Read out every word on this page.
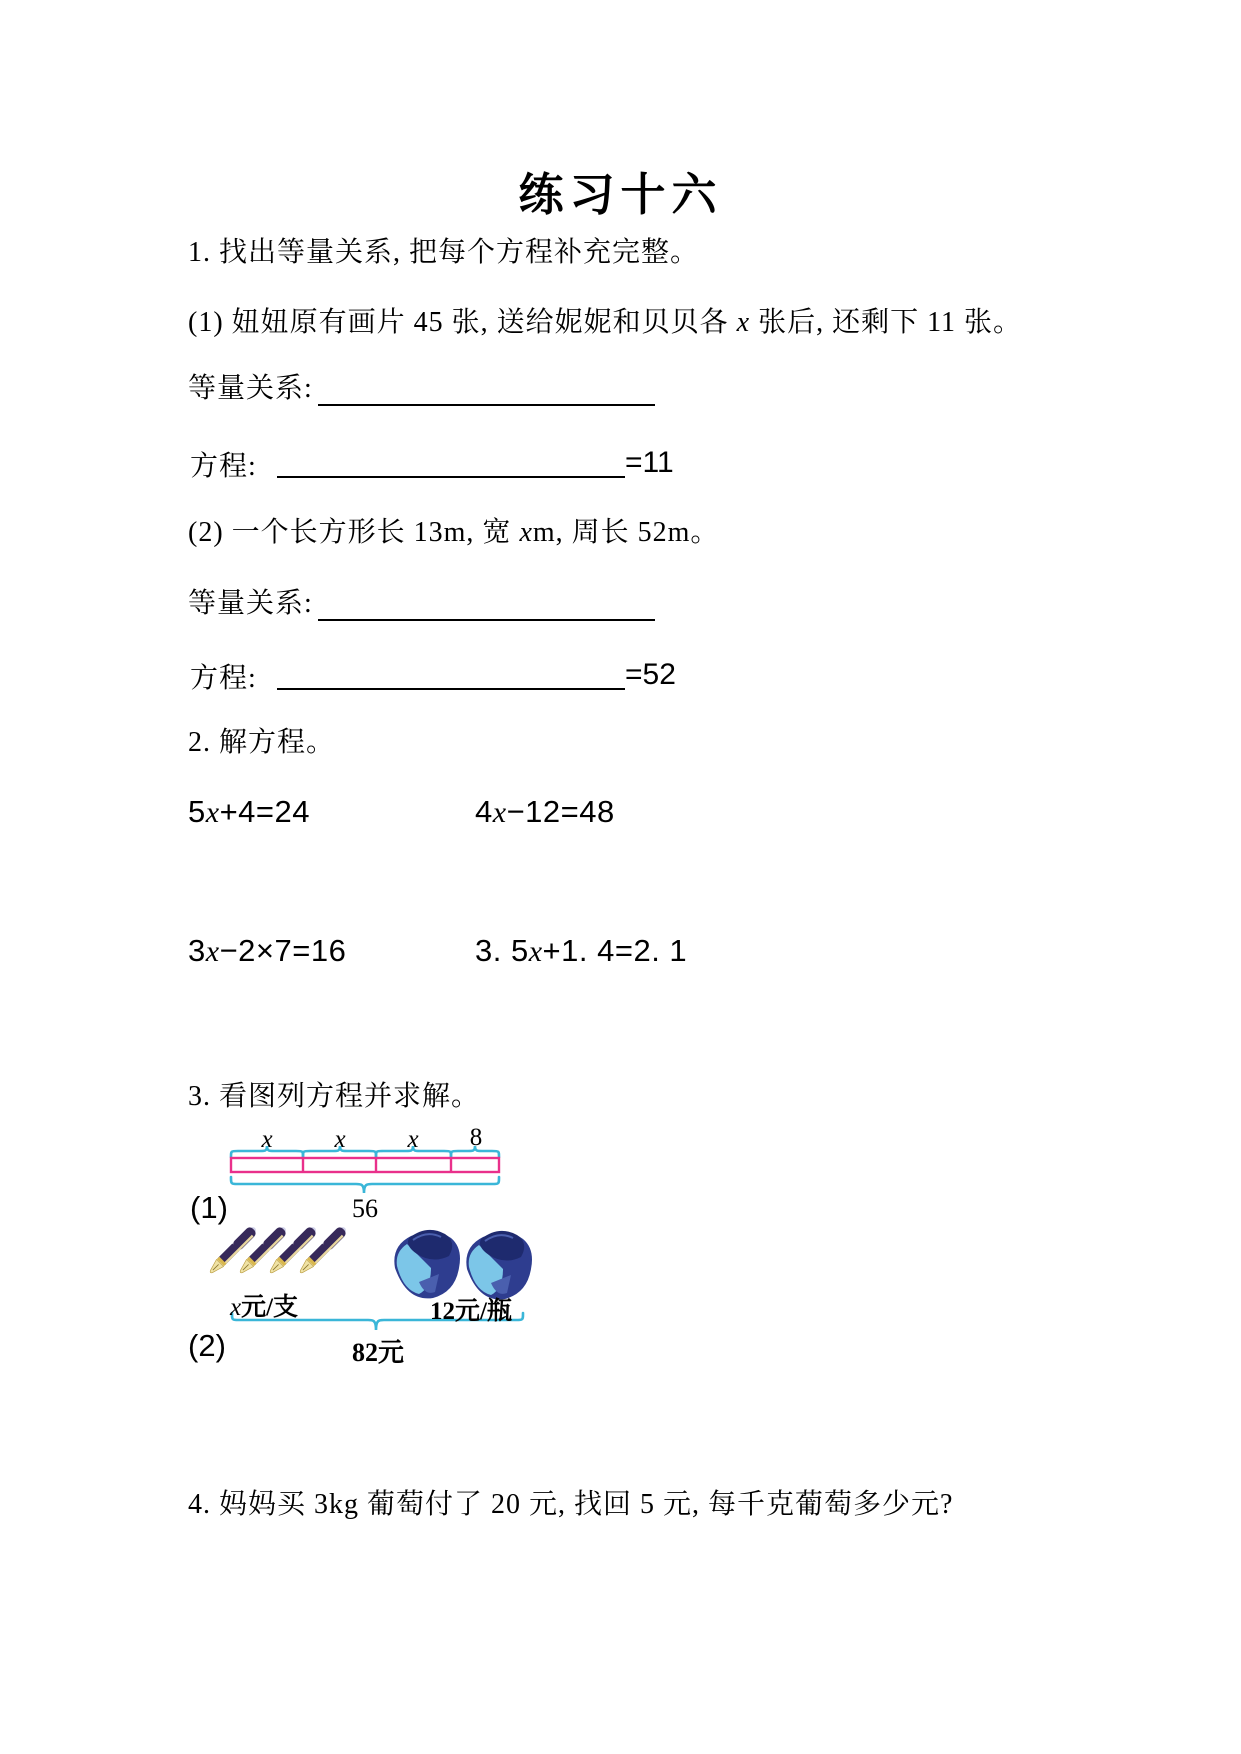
练习十六
1. 找出等量关系, 把每个方程补充完整。
(1) 妞妞原有画片 45 张, 送给妮妮和贝贝各 x 张后, 还剩下 11 张。
等量关系:
方程:	=11
(2) 一个长方形长 13m, 宽 xm, 周长 52m。
等量关系:
方程:	=52
2. 解方程。
5x+4=24	4x−12=48
3x−2×7=16	3. 5x+1. 4=2. 1
3. 看图列方程并求解。
x x x 8
56
(1)
x元/支	12元/瓶
82元
(2)
4. 妈妈买 3kg 葡萄付了 20 元, 找回 5 元, 每千克葡萄多少元?
